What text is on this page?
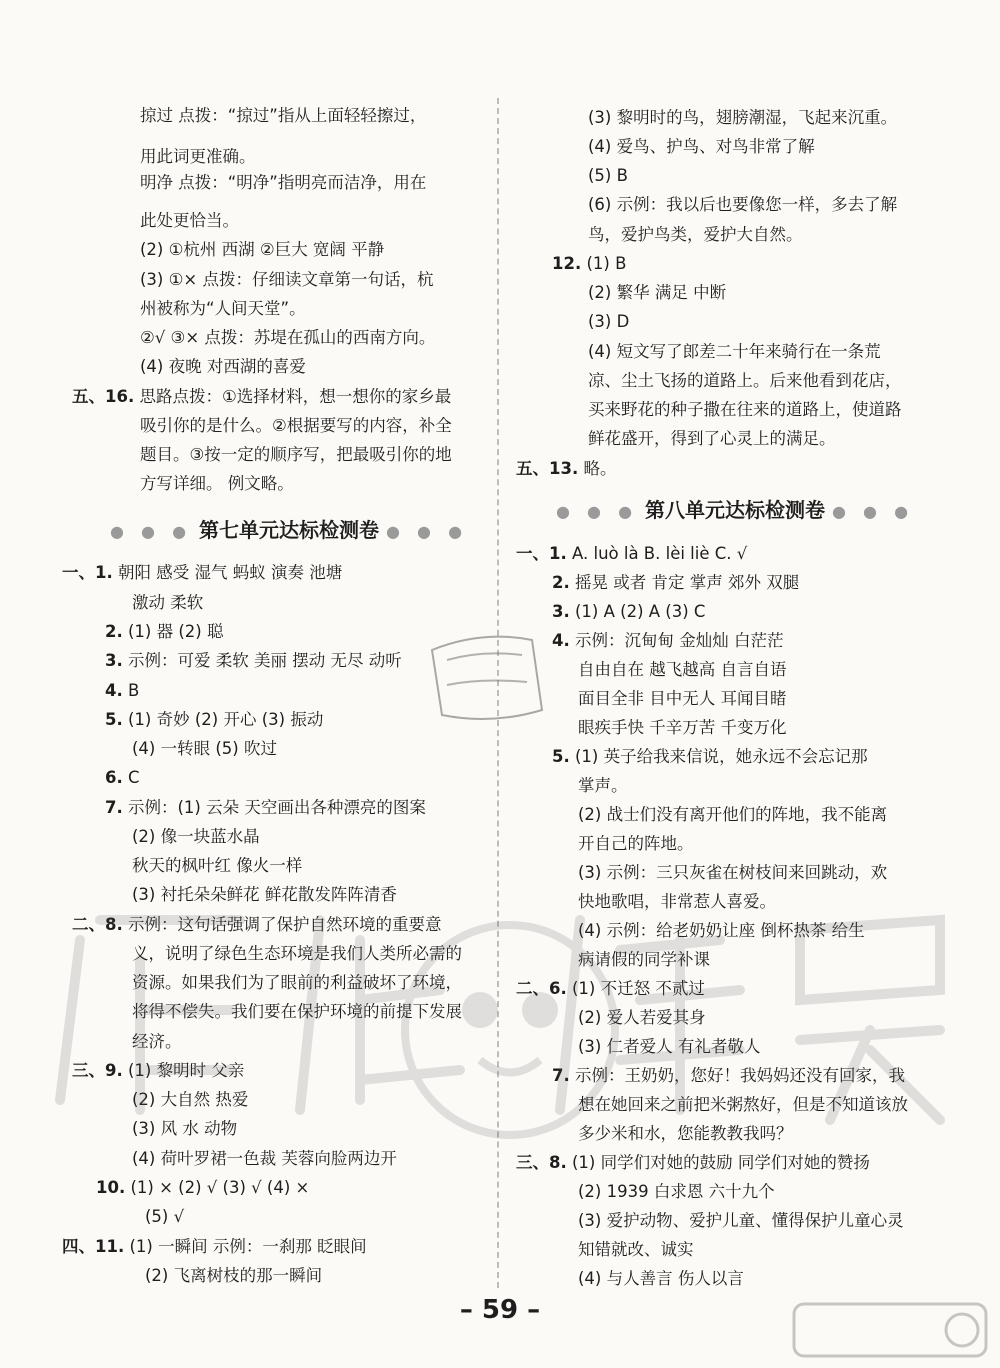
掠过 点拨：“掠过”指从上面轻轻擦过，
用此词更准确。
明净 点拨：“明净”指明亮而洁净，用在
此处更恰当。
(2) ①杭州 西湖 ②巨大 宽阔 平静
(3) ①× 点拨：仔细读文章第一句话，杭
州被称为“人间天堂”。
②√ ③× 点拨：苏堤在孤山的西南方向。
(4) 夜晚 对西湖的喜爱
五、16. 思路点拨：①选择材料，想一想你的家乡最
吸引你的是什么。②根据要写的内容，补全
题目。③按一定的顺序写，把最吸引你的地
方写详细。 例文略。
● ● ● 第七单元达标检测卷 ● ● ●
一、1. 朝阳 感受 湿气 蚂蚁 演奏 池塘
激动 柔软
2. (1) 器 (2) 聪
3. 示例：可爱 柔软 美丽 摆动 无尽 动听
4. B
5. (1) 奇妙 (2) 开心 (3) 振动
(4) 一转眼 (5) 吹过
6. C
7. 示例：(1) 云朵 天空画出各种漂亮的图案
(2) 像一块蓝水晶
秋天的枫叶红 像火一样
(3) 衬托朵朵鲜花 鲜花散发阵阵清香
二、8. 示例：这句话强调了保护自然环境的重要意
义，说明了绿色生态环境是我们人类所必需的
资源。如果我们为了眼前的利益破坏了环境，
将得不偿失。我们要在保护环境的前提下发展
经济。
三、9. (1) 黎明时 父亲
(2) 大自然 热爱
(3) 风 水 动物
(4) 荷叶罗裙一色裁 芙蓉向脸两边开
10. (1) × (2) √ (3) √ (4) ×
(5) √
四、11. (1) 一瞬间 示例：一刹那 眨眼间
(2) 飞离树枝的那一瞬间
(3) 黎明时的鸟，翅膀潮湿，飞起来沉重。
(4) 爱鸟、护鸟、对鸟非常了解
(5) B
(6) 示例：我以后也要像您一样，多去了解
鸟，爱护鸟类，爱护大自然。
12. (1) B
(2) 繁华 满足 中断
(3) D
(4) 短文写了郎差二十年来骑行在一条荒
凉、尘土飞扬的道路上。后来他看到花店，
买来野花的种子撒在往来的道路上，使道路
鲜花盛开，得到了心灵上的满足。
五、13. 略。
● ● ● 第八单元达标检测卷 ● ● ●
一、1. A. luò là B. lèi liè C. √
2. 摇晃 或者 肯定 掌声 郊外 双腿
3. (1) A (2) A (3) C
4. 示例：沉甸甸 金灿灿 白茫茫
自由自在 越飞越高 自言自语
面目全非 目中无人 耳闻目睹
眼疾手快 千辛万苦 千变万化
5. (1) 英子给我来信说，她永远不会忘记那
掌声。
(2) 战士们没有离开他们的阵地，我不能离
开自己的阵地。
(3) 示例：三只灰雀在树枝间来回跳动，欢
快地歌唱，非常惹人喜爱。
(4) 示例：给老奶奶让座 倒杯热茶 给生
病请假的同学补课
二、6. (1) 不迁怒 不贰过
(2) 爱人若爱其身
(3) 仁者爱人 有礼者敬人
7. 示例：王奶奶，您好！我妈妈还没有回家，我
想在她回来之前把米粥熬好，但是不知道该放
多少米和水，您能教教我吗？
三、8. (1) 同学们对她的鼓励 同学们对她的赞扬
(2) 1939 白求恩 六十九个
(3) 爱护动物、爱护儿童、懂得保护儿童心灵
知错就改、诚实
(4) 与人善言 伤人以言
– 59 –
